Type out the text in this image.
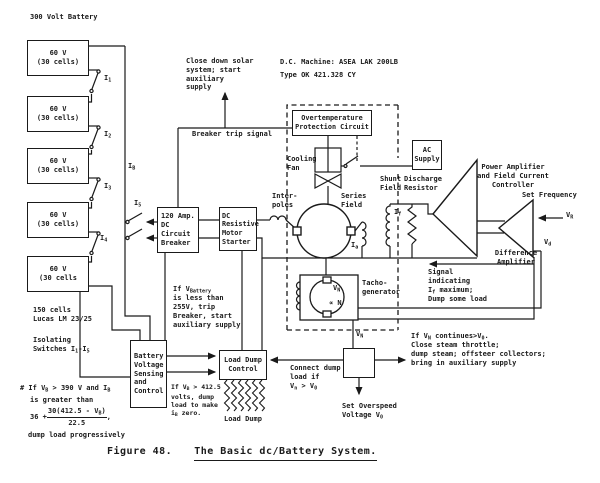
60 V
(30 cells)
60 V
(30 cells)
60 V
(30 cells)
60 V
(30 cells)
60 V
(30 cells
120 Amp.
DC
Circuit
Breaker
DC
Resistive
Motor
Starter
Overtemperature
Protection Circuit
AC
Supply
Battery
Voltage
Sensing
and
Control
Load Dump
Control
300 Volt Battery
D.C. Machine: ASEA LAK 200LB
Type OK 421.328 CY
Close down solar
system; start
auxiliary
supply
Breaker trip signal
Cooling
Fan
Inter-
poles
Series
Field
Shunt
Field
Discharge
Resistor
$I_f$
$I_a$
Power Amplifier
and Field Current
Controller
Set Frequency
$V_R$
Difference
Amplifier
$V_d$
Signal
indicating
$I_f$ maximum;
Dump some load
Tacho-
generator
$V_N$
∝ N
$V_N$
$I_1$
$I_2$
$I_3$
$I_4$
$I_5$
$I_B$
If $V_{Battery}$
is less than
255V, trip
Breaker, start
auxiliary supply
If $V_B > 412.5$
volts, dump
load to make
$i_B$ zero.
Connect dump
load if
$V_n > V_0$
If $V_N$ $continues>V_0$.
Close steam throttle;
dump steam; offsteer collectors;
bring in auxiliary supply
Set Overspeed
Voltage $V_0$
Load Dump
150 cells
Lucas LM 23/25
Isolating
Switches $I_1-I_5$
# If $V_B > 390$ V and $I_B$
is greater than
$36 + \frac{30(412.5 - V_B)}{22.5}$ ,
dump load progressively
Figure 48. The Basic dc/Battery System.
